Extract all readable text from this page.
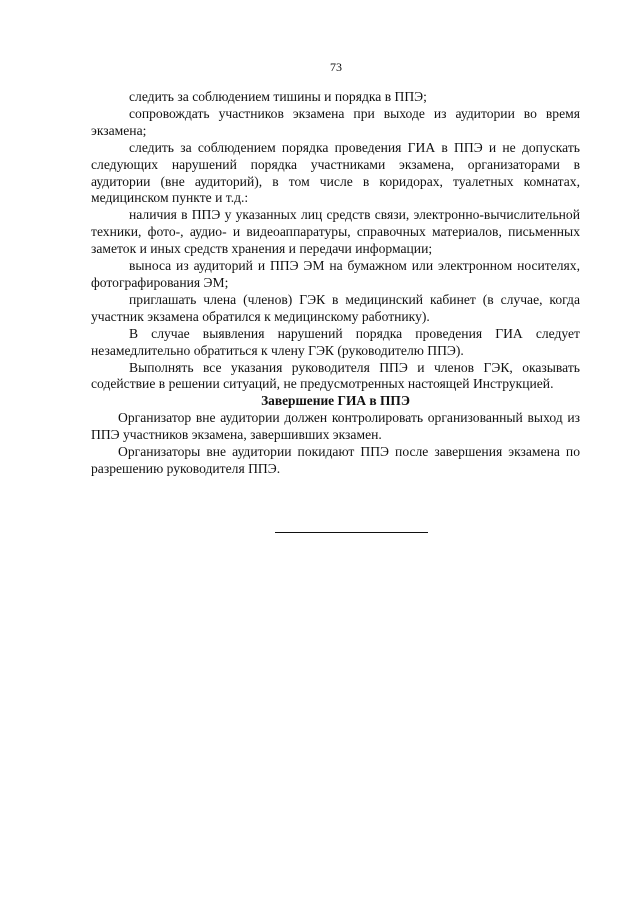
73

следить за соблюдением тишины и порядка в ППЭ;

сопровождать участников экзамена при выходе из аудитории во время экзамена;

следить за соблюдением порядка проведения ГИА в ППЭ и не допускать следующих нарушений порядка участниками экзамена, организаторами в аудитории (вне аудиторий), в том числе в коридорах, туалетных комнатах, медицинском пункте и т.д.:

наличия в ППЭ у указанных лиц средств связи, электронно-вычислительной техники, фото-, аудио- и видеоаппаратуры, справочных материалов, письменных заметок и иных средств хранения и передачи информации;

выноса из аудиторий и ППЭ ЭМ на бумажном или электронном носителях, фотографирования ЭМ;

приглашать члена (членов) ГЭК в медицинский кабинет (в случае, когда участник экзамена обратился к медицинскому работнику).

В случае выявления нарушений порядка проведения ГИА следует незамедлительно обратиться к члену ГЭК (руководителю ППЭ).

Выполнять все указания руководителя ППЭ и членов ГЭК, оказывать содействие в решении ситуаций, не предусмотренных настоящей Инструкцией.

Завершение ГИА в ППЭ

Организатор вне аудитории должен контролировать организованный выход из ППЭ участников экзамена, завершивших экзамен.

Организаторы вне аудитории покидают ППЭ после завершения экзамена по разрешению руководителя ППЭ.
